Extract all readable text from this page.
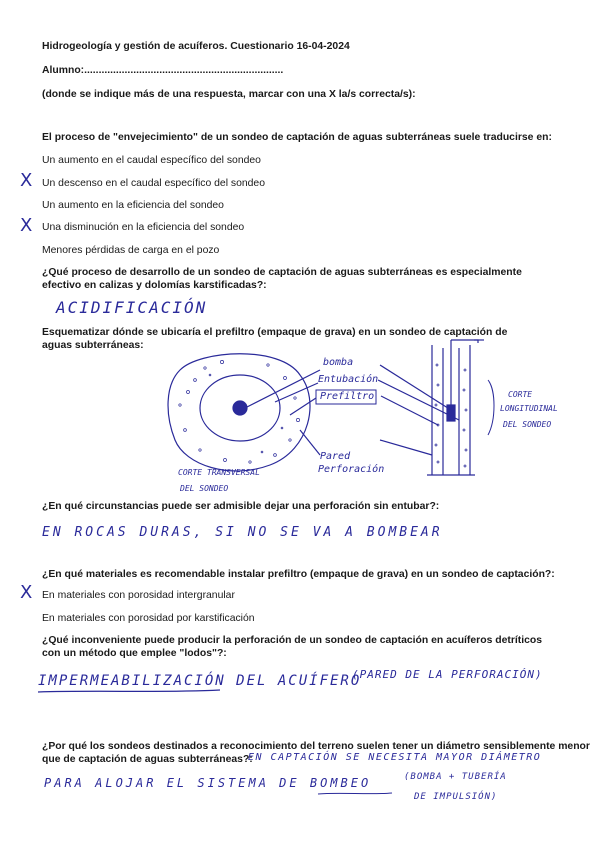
Hidrogeología y gestión de acuíferos. Cuestionario 16-04-2024
Alumno:.....................................................................
(donde se indique más de una respuesta, marcar con una X la/s correcta/s):
El proceso de "envejecimiento" de un sondeo de captación de aguas subterráneas suele traducirse en:
Un aumento en el caudal específico del sondeo
X Un descenso en el caudal específico del sondeo
Un aumento en la eficiencia del sondeo
X Una disminución en la eficiencia del sondeo
Menores pérdidas de carga en el pozo
¿Qué proceso de desarrollo de un sondeo de captación de aguas subterráneas es especialmente efectivo en calizas y dolomías karstificadas?:
ACIDIFICACIÓN
Esquematizar dónde se ubicaría el prefiltro (empaque de grava) en un sondeo de captación de aguas subterráneas:
bomba
Entubación
Prefiltro
Pared
Perforación
CORTE TRANSVERSAL
DEL SONDEO
CORTE
LONGITUDINAL
DEL SONDEO
¿En qué circunstancias puede ser admisible dejar una perforación sin entubar?:
EN ROCAS DURAS, SI NO SE VA A BOMBEAR
¿En qué materiales es recomendable instalar prefiltro (empaque de grava) en un sondeo de captación?:
X En materiales con porosidad intergranular
En materiales con porosidad por karstificación
¿Qué inconveniente puede producir la perforación de un sondeo de captación en acuíferos detríticos con un método que emplee "lodos"?:
IMPERMEABILIZACIÓN DEL ACUÍFERO
(PARED DE LA PERFORACIÓN)
¿Por qué los sondeos destinados a reconocimiento del terreno suelen tener un diámetro sensiblemente menor
que de captación de aguas subterráneas?:
EN CAPTACIÓN SE NECESITA MAYOR DIÁMETRO
PARA ALOJAR EL SISTEMA DE BOMBEO	(BOMBA + TUBERÍA
DE IMPULSIÓN)
